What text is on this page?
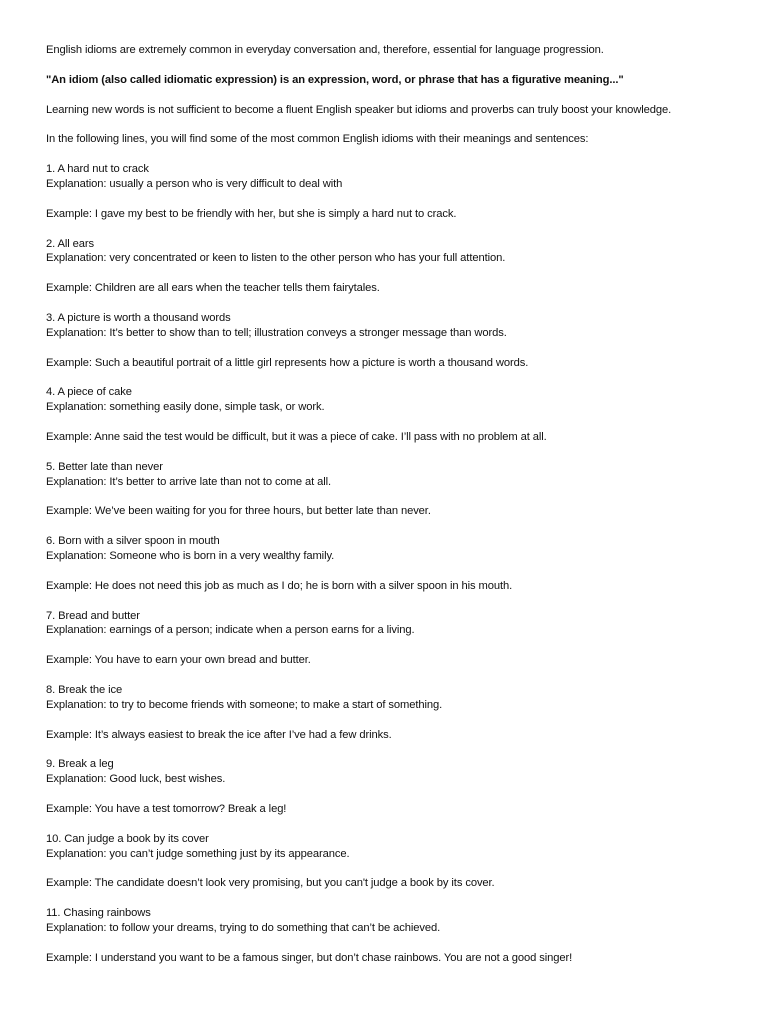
English idioms are extremely common in everyday conversation and, therefore, essential for language progression.

"An idiom (also called idiomatic expression) is an expression, word, or phrase that has a figurative meaning..."

Learning new words is not sufficient to become a fluent English speaker but idioms and proverbs can truly boost your knowledge.

In the following lines, you will find some of the most common English idioms with their meanings and sentences:

1. A hard nut to crack
Explanation: usually a person who is very difficult to deal with

Example: I gave my best to be friendly with her, but she is simply a hard nut to crack.

2. All ears
Explanation: very concentrated or keen to listen to the other person who has your full attention.

Example: Children are all ears when the teacher tells them fairytales.

3. A picture is worth a thousand words
Explanation: It’s better to show than to tell; illustration conveys a stronger message than words.

Example: Such a beautiful portrait of a little girl represents how a picture is worth a thousand words.

4. A piece of cake
Explanation: something easily done, simple task, or work.

Example: Anne said the test would be difficult, but it was a piece of cake. I’ll pass with no problem at all.

5. Better late than never
Explanation: It’s better to arrive late than not to come at all.

Example: We’ve been waiting for you for three hours, but better late than never.

6. Born with a silver spoon in mouth
Explanation: Someone who is born in a very wealthy family.

Example: He does not need this job as much as I do; he is born with a silver spoon in his mouth.

7. Bread and butter
Explanation: earnings of a person; indicate when a person earns for a living.

Example: You have to earn your own bread and butter.

8. Break the ice
Explanation: to try to become friends with someone; to make a start of something.

Example: It’s always easiest to break the ice after I’ve had a few drinks.

9. Break a leg
Explanation: Good luck, best wishes.

Example: You have a test tomorrow? Break a leg!

10. Can judge a book by its cover
Explanation: you can’t judge something just by its appearance.

Example: The candidate doesn’t look very promising, but you can't judge a book by its cover.

11. Chasing rainbows
Explanation: to follow your dreams, trying to do something that can’t be achieved.

Example: I understand you want to be a famous singer, but don’t chase rainbows. You are not a good singer!
